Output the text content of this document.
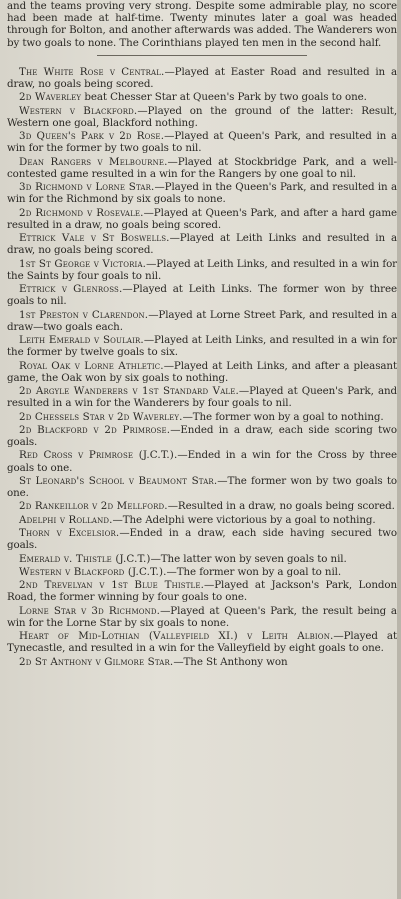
and the teams proving very strong. Despite some admirable play, no score had been made at half-time. Twenty minutes later a goal was headed through for Bolton, and another afterwards was added. The Wanderers won by two goals to none. The Corinthians played ten men in the second half.

The White Rose v Central.—Played at Easter Road and resulted in a draw, no goals being scored.

2d Waverley beat Chesser Star at Queen's Park by two goals to one.

Western v Blackford.—Played on the ground of the latter: Result, Western one goal, Blackford nothing.

3d Queen's Park v 2d Rose.—Played at Queen's Park, and resulted in a win for the former by two goals to nil.

Dean Rangers v Melbourne.—Played at Stockbridge Park, and a well-contested game resulted in a win for the Rangers by one goal to nil.

3d Richmond v Lorne Star.—Played in the Queen's Park, and resulted in a win for the Richmond by six goals to none.

2d Richmond v Rosevale.—Played at Queen's Park, and after a hard game resulted in a draw, no goals being scored.

Ettrick Vale v St Boswells.—Played at Leith Links and resulted in a draw, no goals being scored.

1st St George v Victoria.—Played at Leith Links, and resulted in a win for the Saints by four goals to nil.

Ettrick v Glenross.—Played at Leith Links. The former won by three goals to nil.

1st Preston v Clarendon.—Played at Lorne Street Park, and resulted in a draw—two goals each.

Leith Emerald v Soulair.—Played at Leith Links, and resulted in a win for the former by twelve goals to six.

Royal Oak v Lorne Athletic.—Played at Leith Links, and after a pleasant game, the Oak won by six goals to nothing.

2d Argyle Wanderers v 1st Standard Vale.—Played at Queen's Park, and resulted in a win for the Wanderers by four goals to nil.

2d Chessels Star v 2d Waverley.—The former won by a goal to nothing.

2d Blackford v 2d Primrose.—Ended in a draw, each side scoring two goals.

Red Cross v Primrose (J.C.T.).—Ended in a win for the Cross by three goals to one.

St Leonard's School v Beaumont Star.—The former won by two goals to one.

2d Rankeillor v 2d Mellford.—Resulted in a draw, no goals being scored.

Adelphi v Rolland.—The Adelphi were victorious by a goal to nothing.

Thorn v Excelsior.—Ended in a draw, each side having secured two goals.

Emerald v. Thistle (J.C.T.)—The latter won by seven goals to nil.

Western v Blackford (J.C.T.).—The former won by a goal to nil.

2nd Trevelyan v 1st Blue Thistle.—Played at Jackson's Park, London Road, the former winning by four goals to one.

Lorne Star v 3d Richmond.—Played at Queen's Park, the result being a win for the Lorne Star by six goals to none.

Heart of Mid-Lothian (Valleyfield XI.) v Leith Albion.—Played at Tynecastle, and resulted in a win for the Valleyfield by eight goals to one.

2d St Anthony v Gilmore Star.—The St Anthony won
